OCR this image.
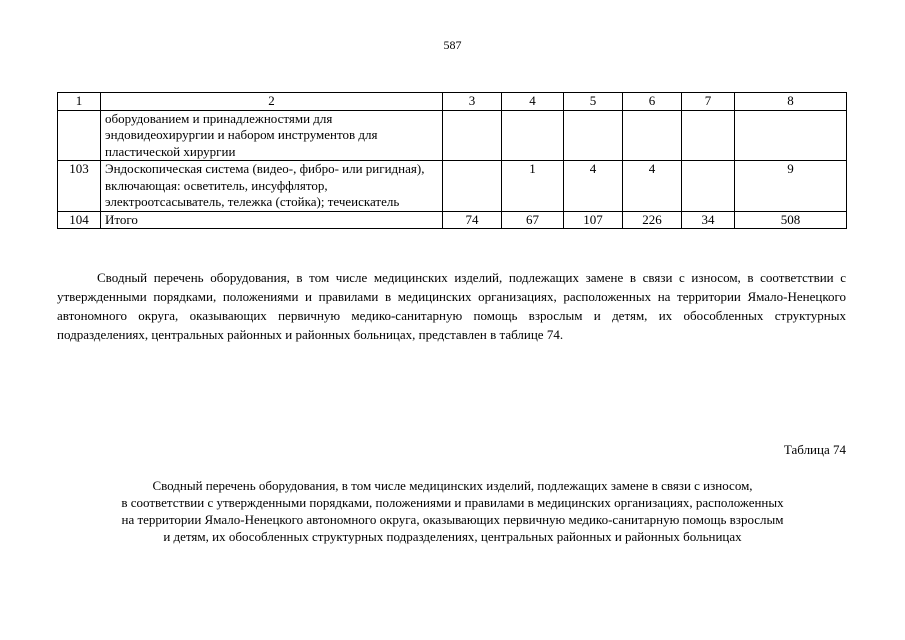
587
1	2	3	4	5	6	7	8
	оборудованием и принадлежностями для эндовидеохирургии и набором инструментов для пластической хирургии						
103	Эндоскопическая система (видео-, фибро- или ригидная), включающая: осветитель, инсуффлятор, электроотсасыватель, тележка (стойка); течеискатель		1	4	4		9
104	Итого	74	67	107	226	34	508
Сводный перечень оборудования, в том числе медицинских изделий, подлежащих замене в связи с износом, в соответствии с утвержденными порядками, положениями и правилами в медицинских организациях, расположенных на территории Ямало-Ненецкого автономного округа, оказывающих первичную медико-санитарную помощь взрослым и детям, их обособленных структурных подразделениях, центральных районных и районных больницах, представлен в таблице 74.
Таблица 74
Сводный перечень оборудования, в том числе медицинских изделий, подлежащих замене в связи с износом,
в соответствии с утвержденными порядками, положениями и правилами в медицинских организациях, расположенных
на территории Ямало-Ненецкого автономного округа, оказывающих первичную медико-санитарную помощь взрослым
и детям, их обособленных структурных подразделениях, центральных районных и районных больницах
